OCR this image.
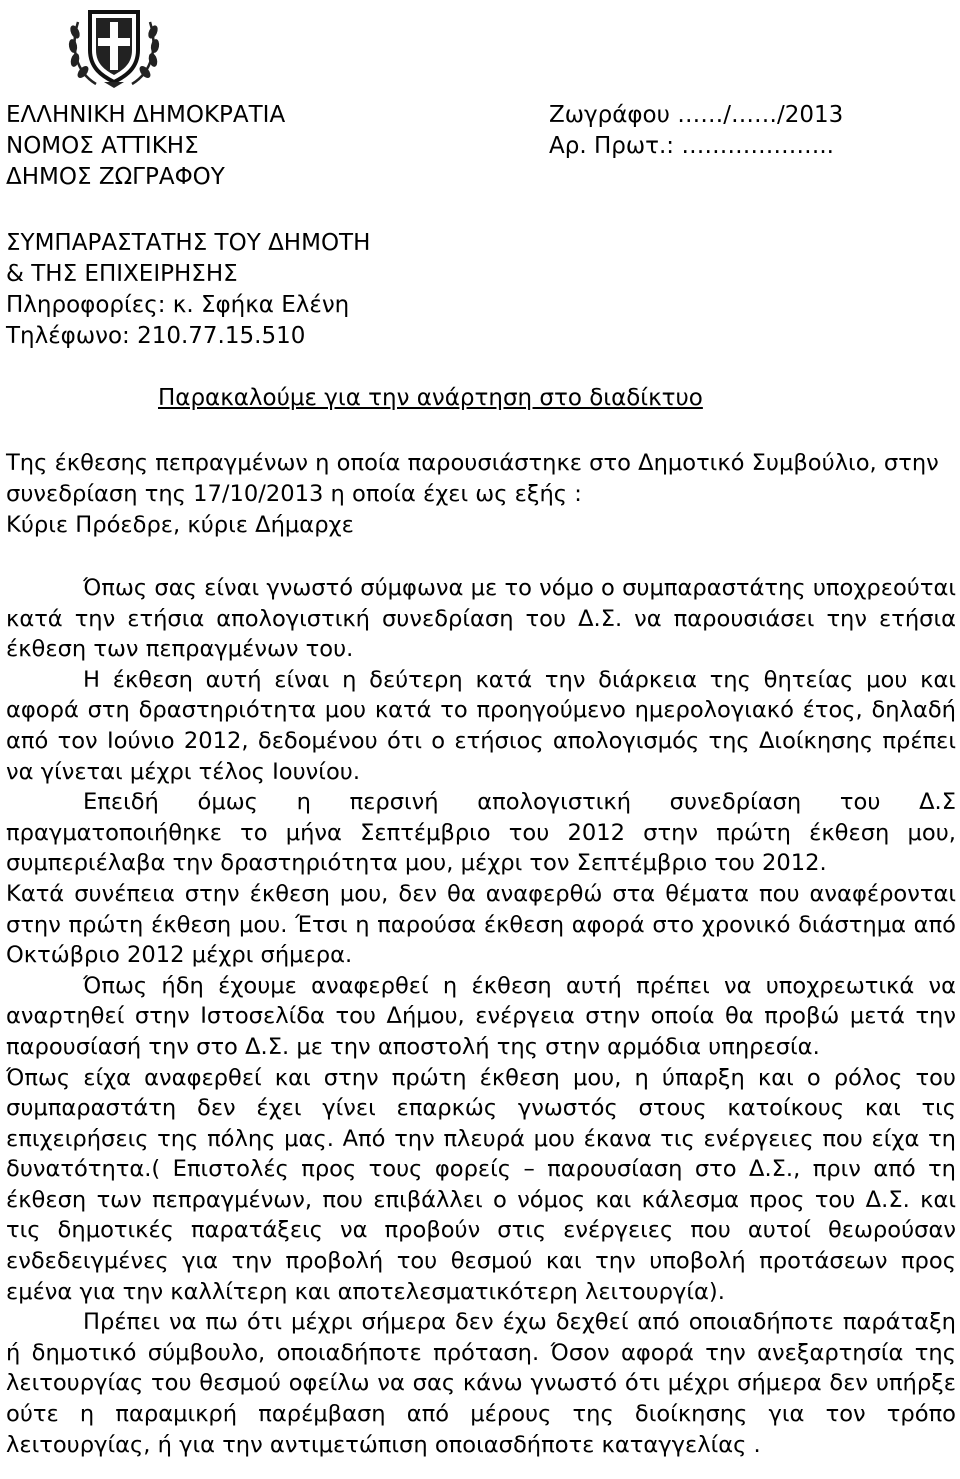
ΕΛΛΗΝΙΚΗ ΔΗΜΟΚΡΑΤΙΑ
ΝΟΜΟΣ ΑΤΤΙΚΗΣ
ΔΗΜΟΣ ΖΩΓΡΑΦΟΥ
Ζωγράφου ……/……/2013
Αρ. Πρωτ.: ………………..
ΣΥΜΠΑΡΑΣΤΑΤΗΣ ΤΟΥ ΔΗΜΟΤΗ
& ΤΗΣ ΕΠΙΧΕΙΡΗΣΗΣ
Πληροφορίες: κ. Σφήκα Ελένη
Τηλέφωνο: 210.77.15.510
Παρακαλούμε για την ανάρτηση στο διαδίκτυο
Της έκθεσης πεπραγμένων η οποία παρουσιάστηκε στο Δημοτικό Συμβούλιο, στην
συνεδρίαση της 17/10/2013 η οποία έχει ως εξής :
Κύριε Πρόεδρε, κύριε Δήμαρχε

Όπως σας είναι γνωστό σύμφωνα με το νόμο ο συμπαραστάτης υποχρεούται κατά την ετήσια απολογιστική συνεδρίαση του Δ.Σ. να παρουσιάσει την ετήσια έκθεση των πεπραγμένων του.

Η έκθεση αυτή είναι η δεύτερη κατά την διάρκεια της θητείας μου και αφορά στη δραστηριότητα μου κατά το προηγούμενο ημερολογιακό έτος, δηλαδή από τον Ιούνιο 2012, δεδομένου ότι ο ετήσιος απολογισμός της Διοίκησης πρέπει να γίνεται μέχρι τέλος Ιουνίου.

Επειδή όμως η περσινή απολογιστική συνεδρίαση του Δ.Σ πραγματοποιήθηκε το μήνα Σεπτέμβριο του 2012 στην πρώτη έκθεση μου, συμπεριέλαβα την δραστηριότητα μου, μέχρι τον Σεπτέμβριο του 2012.

Κατά συνέπεια στην έκθεση μου, δεν θα αναφερθώ στα θέματα που αναφέρονται στην πρώτη έκθεση μου. Έτσι η παρούσα έκθεση αφορά στο χρονικό διάστημα από Οκτώβριο 2012 μέχρι σήμερα.

Όπως ήδη έχουμε αναφερθεί η έκθεση αυτή πρέπει να υποχρεωτικά να αναρτηθεί στην Ιστοσελίδα του Δήμου, ενέργεια στην οποία θα προβώ μετά την παρουσίασή την στο Δ.Σ. με την αποστολή της στην αρμόδια υπηρεσία.

Όπως είχα αναφερθεί και στην πρώτη έκθεση μου, η ύπαρξη και ο ρόλος του συμπαραστάτη δεν έχει γίνει επαρκώς γνωστός στους κατοίκους και τις επιχειρήσεις της πόλης μας. Από την πλευρά μου έκανα τις ενέργειες που είχα τη δυνατότητα.( Επιστολές προς τους φορείς – παρουσίαση στο Δ.Σ., πριν από τη έκθεση των πεπραγμένων, που επιβάλλει ο νόμος και κάλεσμα προς του Δ.Σ. και τις δημοτικές παρατάξεις να προβούν στις ενέργειες που αυτοί θεωρούσαν ενδεδειγμένες για την προβολή του θεσμού και την υποβολή προτάσεων προς εμένα για την καλλίτερη και αποτελεσματικότερη λειτουργία).

Πρέπει να πω ότι μέχρι σήμερα δεν έχω δεχθεί από οποιαδήποτε παράταξη ή δημοτικό σύμβουλο, οποιαδήποτε πρόταση. Όσον αφορά την ανεξαρτησία της λειτουργίας του θεσμού οφείλω να σας κάνω γνωστό ότι μέχρι σήμερα δεν υπήρξε ούτε η παραμικρή παρέμβαση από μέρους της διοίκησης για τον τρόπο λειτουργίας, ή για την αντιμετώπιση οποιασδήποτε καταγγελίας .
